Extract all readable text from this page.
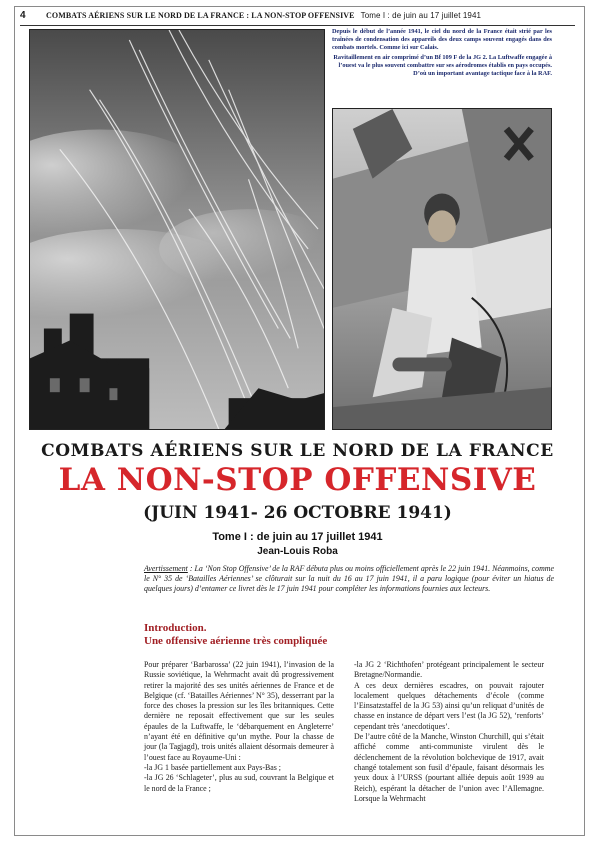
4	COMBATS AÉRIENS SUR LE NORD DE LA FRANCE : LA NON-STOP OFFENSIVE Tome I : de juin au 17 juillet 1941

Depuis le début de l’année 1941, le ciel du nord de la France était strié par les traînées de condensation des appareils des deux camps souvent engagés dans des combats mortels. Comme ici sur Calais.

Ravitaillement en air comprimé d’un Bf 109 F de la JG 2. La Luftwaffe engagée à l’ouest va le plus souvent combattre sur ses aérodromes établis en pays occupés. D’où un important avantage tactique face à la RAF.

COMBATS AÉRIENS SUR LE NORD DE LA FRANCE
LA NON-STOP OFFENSIVE
(JUIN 1941- 26 OCTOBRE 1941)
Tome I : de juin au 17 juillet 1941
Jean-Louis Roba
Avertissement : La ‘Non Stop Offensive’ de la RAF débuta plus ou moins officiellement après le 22 juin 1941. Néanmoins, comme le N° 35 de ‘Batailles Aériennes’ se clôturait sur la nuit du 16 au 17 juin 1941, il a paru logique (pour éviter un hiatus de quelques jours) d’entamer ce livret dès le 17 juin 1941 pour compléter les informations fournies aux lecteurs.
Introduction.
Une offensive aérienne très compliquée

Pour préparer ‘Barbarossa’ (22 juin 1941), l’invasion de la Russie soviétique, la Wehrmacht avait dû progressivement retirer la majorité des ses unités aériennes de France et de Belgique (cf. ‘Batailles Aériennes’ N° 35), desserrant par la force des choses la pression sur les îles britanniques. Cette dernière ne reposait effectivement que sur les seules épaules de la Luftwaffe, le ‘débarquement en Angleterre’ n’ayant été en définitive qu’un mythe. Pour la chasse de jour (la Tagjagd), trois unités allaient désormais demeurer à l’ouest face au Royaume-Uni :

-la JG 1 basée partiellement aux Pays-Bas ;

-la JG 26 ‘Schlageter’, plus au sud, couvrant la Belgique et le nord de la France ;

-la JG 2 ‘Richthofen’ protégeant principalement le secteur Bretagne/Normandie.

A ces deux dernières escadres, on pouvait rajouter localement quelques détachements d’école (comme l’Einsatzstaffel de la JG 53) ainsi qu’un reliquat d’unités de chasse en instance de départ vers l’est (la JG 52), ‘renforts’ cependant très ‘anecdotiques’.

De l’autre côté de la Manche, Winston Churchill, qui s’était affiché comme anti-communiste virulent dès le déclenchement de la révolution bolchevique de 1917, avait changé totalement son fusil d’épaule, faisant désormais les yeux doux à l’URSS (pourtant alliée depuis août 1939 au Reich), espérant la détacher de l’union avec l’Allemagne. Lorsque la Wehrmacht
